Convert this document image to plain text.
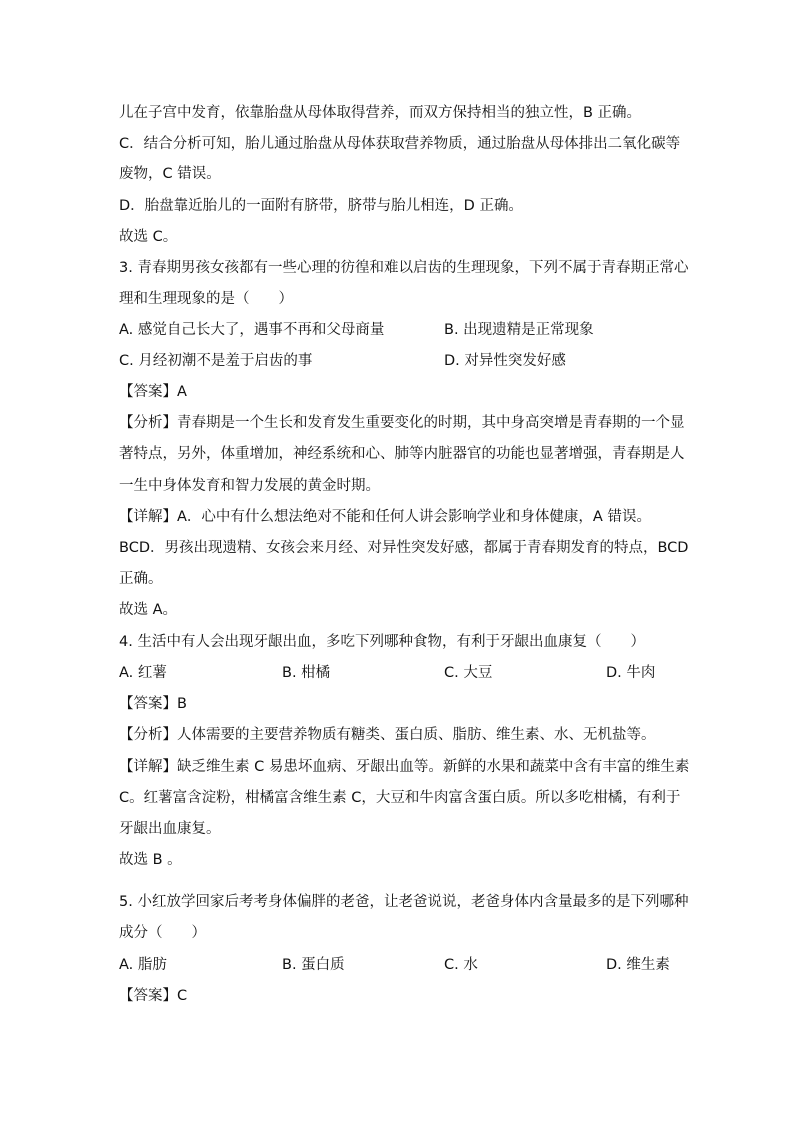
儿在子宫中发育，依靠胎盘从母体取得营养，而双方保持相当的独立性，B 正确。
C．结合分析可知，胎儿通过胎盘从母体获取营养物质，通过胎盘从母体排出二氧化碳等
废物，C 错误。
D．胎盘靠近胎儿的一面附有脐带，脐带与胎儿相连，D 正确。
故选 C。
3. 青春期男孩女孩都有一些心理的彷徨和难以启齿的生理现象，下列不属于青春期正常心
理和生理现象的是（　　）
A. 感觉自己长大了，遇事不再和父母商量	B. 出现遗精是正常现象
C. 月经初潮不是羞于启齿的事	D. 对异性突发好感
【答案】A
【分析】青春期是一个生长和发育发生重要变化的时期，其中身高突增是青春期的一个显
著特点，另外，体重增加，神经系统和心、肺等内脏器官的功能也显著增强，青春期是人
一生中身体发育和智力发展的黄金时期。
【详解】A．心中有什么想法绝对不能和任何人讲会影响学业和身体健康，A 错误。
BCD．男孩出现遗精、女孩会来月经、对异性突发好感，都属于青春期发育的特点，BCD
正确。
故选 A。
4. 生活中有人会出现牙龈出血，多吃下列哪种食物，有利于牙龈出血康复（　　）
A. 红薯	B. 柑橘	C. 大豆	D. 牛肉
【答案】B
【分析】人体需要的主要营养物质有糖类、蛋白质、脂肪、维生素、水、无机盐等。
【详解】缺乏维生素 C 易患坏血病、牙龈出血等。新鲜的水果和蔬菜中含有丰富的维生素
C。红薯富含淀粉，柑橘富含维生素 C，大豆和牛肉富含蛋白质。所以多吃柑橘，有利于
牙龈出血康复。
故选 B 。
5. 小红放学回家后考考身体偏胖的老爸，让老爸说说，老爸身体内含量最多的是下列哪种
成分（　　）
A. 脂肪	B. 蛋白质	C. 水	D. 维生素
【答案】C
